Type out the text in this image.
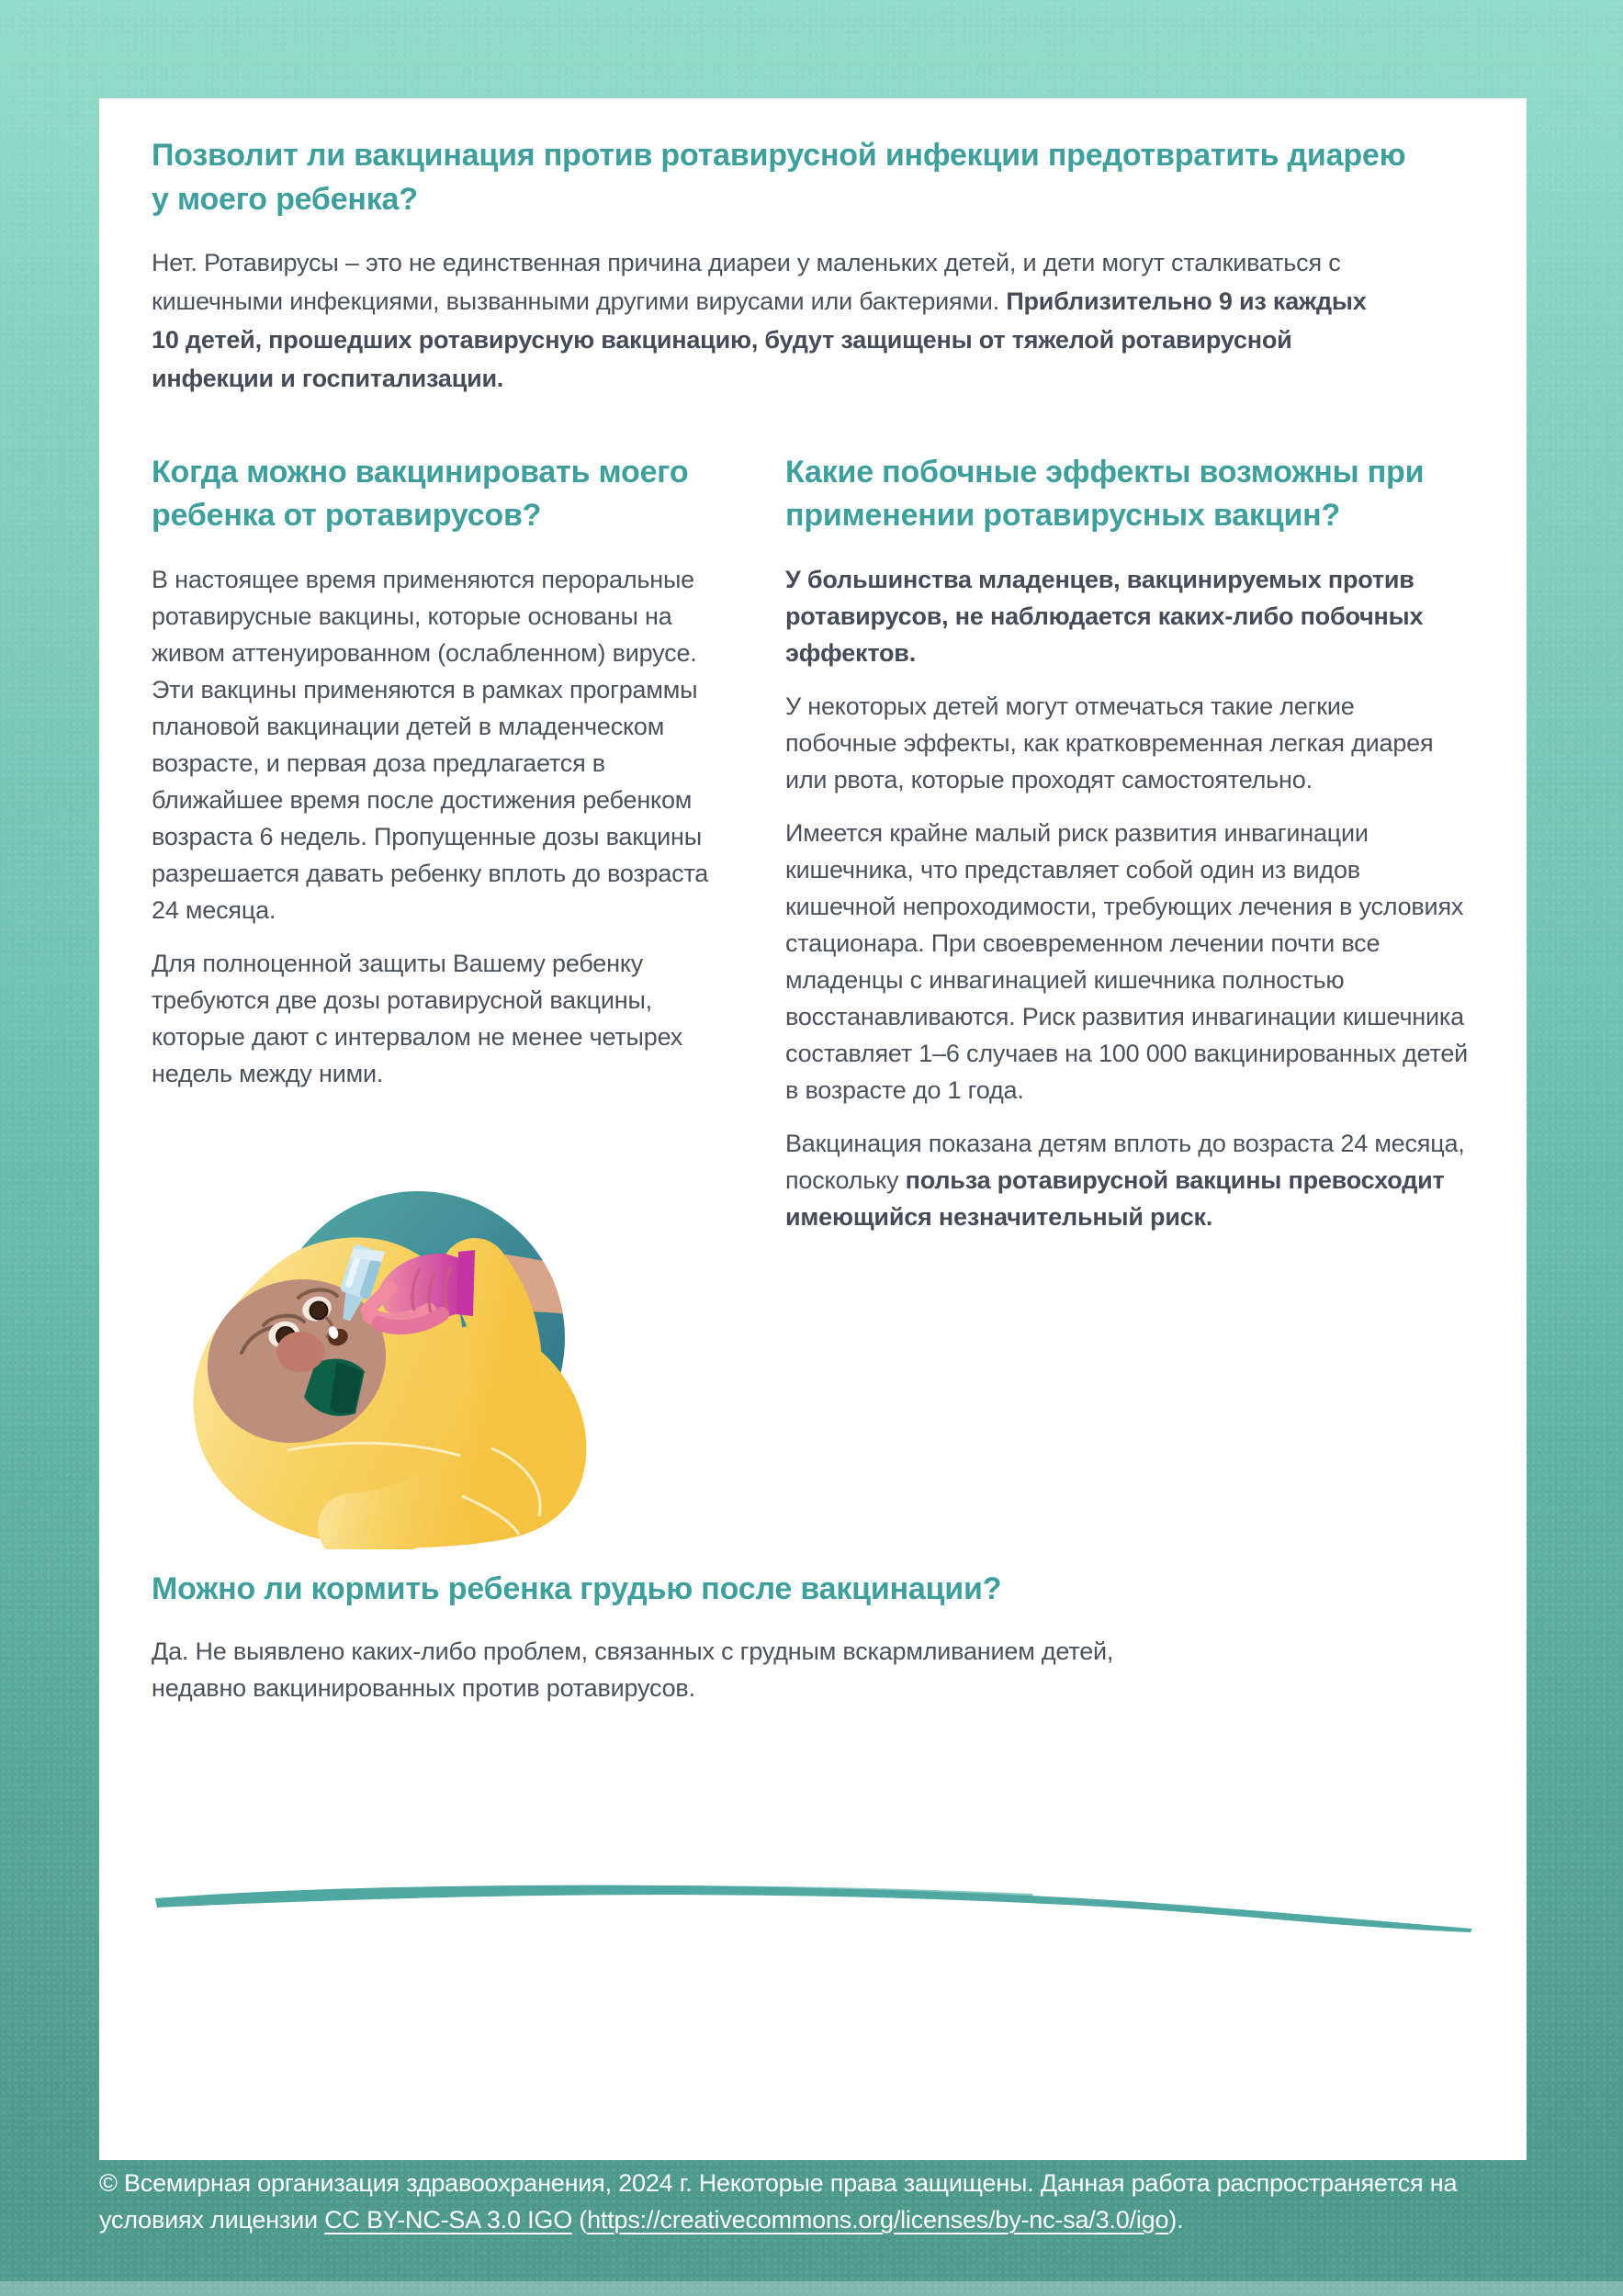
Позволит ли вакцинация против ротавирусной инфекции предотвратить диарею у моего ребенка?

Нет. Ротавирусы – это не единственная причина диареи у маленьких детей, и дети могут сталкиваться с кишечными инфекциями, вызванными другими вирусами или бактериями. Приблизительно 9 из каждых 10 детей, прошедших ротавирусную вакцинацию, будут защищены от тяжелой ротавирусной инфекции и госпитализации.

Когда можно вакцинировать моего ребенка от ротавирусов?

В настоящее время применяются пероральные ротавирусные вакцины, которые основаны на живом аттенуированном (ослабленном) вирусе. Эти вакцины применяются в рамках программы плановой вакцинации детей в младенческом возрасте, и первая доза предлагается в ближайшее время после достижения ребенком возраста 6 недель. Пропущенные дозы вакцины разрешается давать ребенку вплоть до возраста 24 месяца.

Для полноценной защиты Вашему ребенку требуются две дозы ротавирусной вакцины, которые дают с интервалом не менее четырех недель между ними.

Какие побочные эффекты возможны при применении ротавирусных вакцин?

У большинства младенцев, вакцинируемых против ротавирусов, не наблюдается каких-либо побочных эффектов.

У некоторых детей могут отмечаться такие легкие побочные эффекты, как кратковременная легкая диарея или рвота, которые проходят самостоятельно.

Имеется крайне малый риск развития инвагинации кишечника, что представляет собой один из видов кишечной непроходимости, требующих лечения в условиях стационара. При своевременном лечении почти все младенцы с инвагинацией кишечника полностью восстанавливаются. Риск развития инвагинации кишечника составляет 1–6 случаев на 100 000 вакцинированных детей в возрасте до 1 года.

Вакцинация показана детям вплоть до возраста 24 месяца, поскольку польза ротавирусной вакцины превосходит имеющийся незначительный риск.

Можно ли кормить ребенка грудью после вакцинации?

Да. Не выявлено каких-либо проблем, связанных с грудным вскармливанием детей, недавно вакцинированных против ротавирусов.

© Всемирная организация здравоохранения, 2024 г. Некоторые права защищены. Данная работа распространяется на условиях лицензии CC BY-NC-SA 3.0 IGO (https://creativecommons.org/licenses/by-nc-sa/3.0/igo).
